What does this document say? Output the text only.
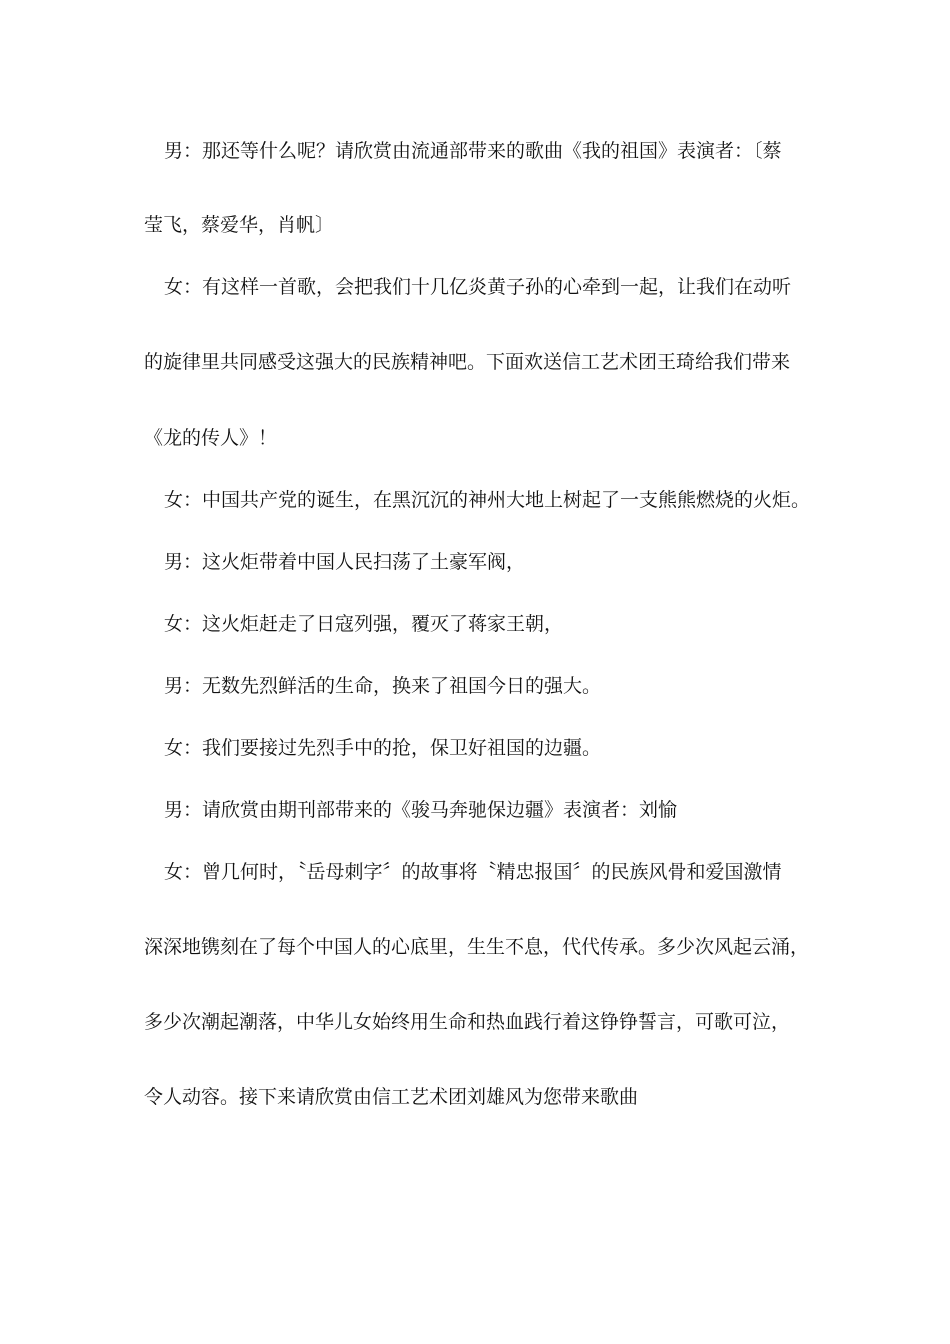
男：那还等什么呢？请欣赏由流通部带来的歌曲《我的祖国》表演者：〔蔡
莹飞，蔡爱华，肖帆〕
女：有这样一首歌，会把我们十几亿炎黄子孙的心牵到一起，让我们在动听
的旋律里共同感受这强大的民族精神吧。下面欢送信工艺术团王琦给我们带来
《龙的传人》！
女：中国共产党的诞生，在黑沉沉的神州大地上树起了一支熊熊燃烧的火炬。
男：这火炬带着中国人民扫荡了土豪军阀，
女：这火炬赶走了日寇列强，覆灭了蒋家王朝，
男：无数先烈鲜活的生命，换来了祖国今日的强大。
女：我们要接过先烈手中的抢，保卫好祖国的边疆。
男：请欣赏由期刊部带来的《骏马奔驰保边疆》表演者：刘愉
女：曾几何时，〝岳母刺字〞的故事将〝精忠报国〞的民族风骨和爱国激情
深深地镌刻在了每个中国人的心底里，生生不息，代代传承。多少次风起云涌，
多少次潮起潮落，中华儿女始终用生命和热血践行着这铮铮誓言，可歌可泣，
令人动容。接下来请欣赏由信工艺术团刘雄风为您带来歌曲
